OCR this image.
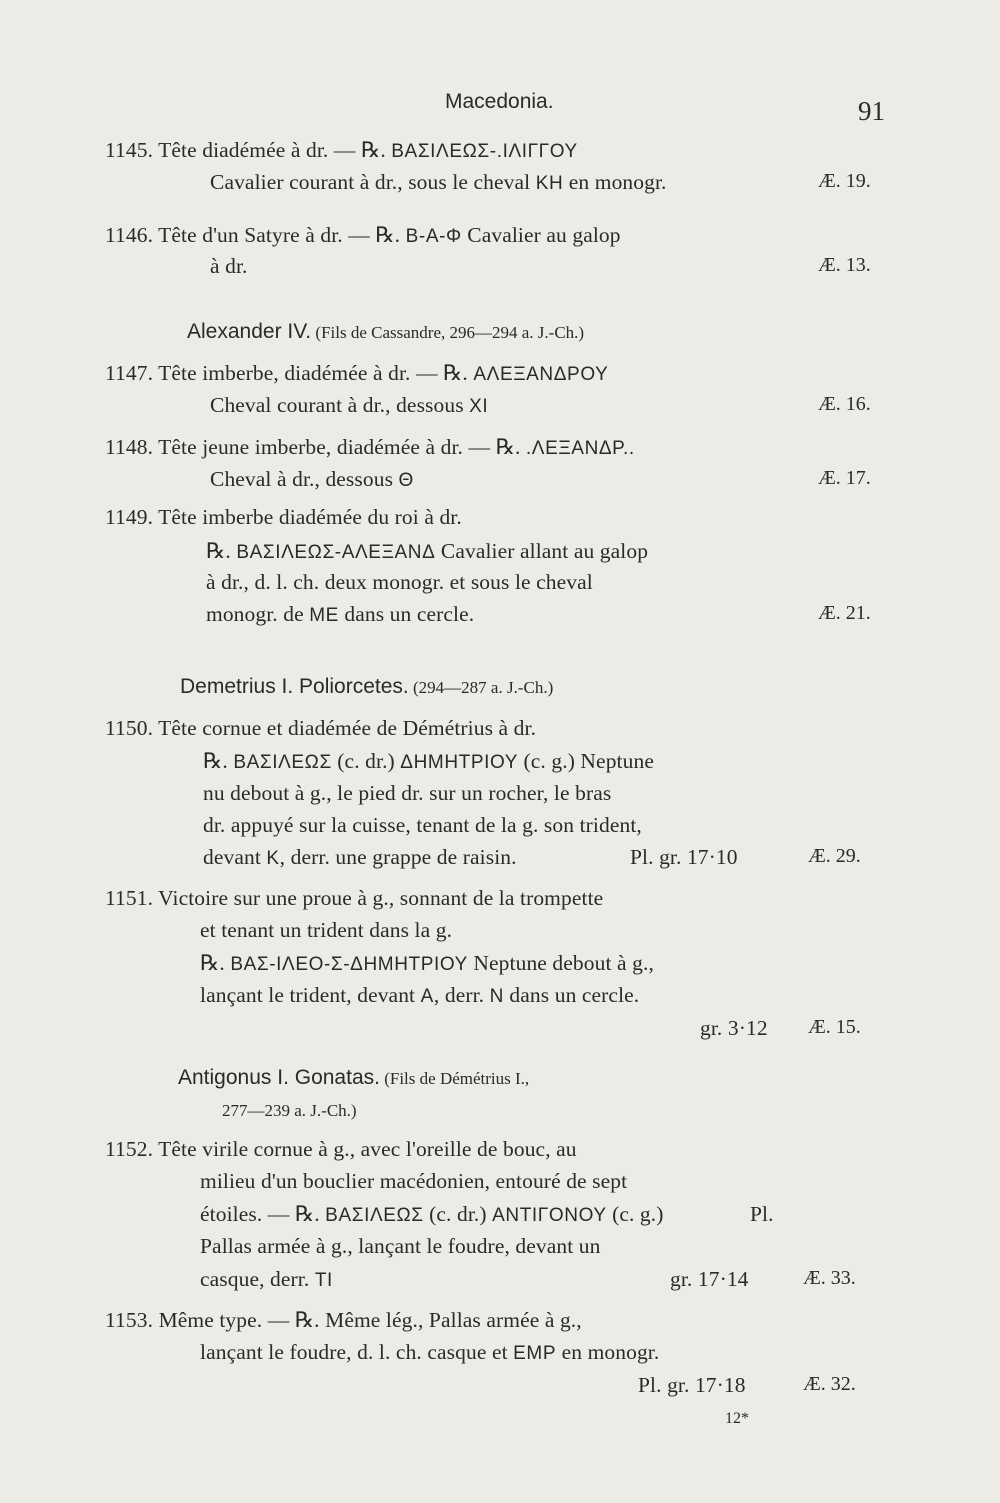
Macedonia.	91
1145. Tête diadémée à dr. — ℞. ΒΑΣΙΛΕΩΣ-.ΙΛΙΓΓΟΥ
Cavalier courant à dr., sous le cheval KH en monogr.
1146. Tête d'un Satyre à dr. — ℞. B-A-Φ Cavalier au galop
à dr.
1147. Tête imberbe, diadémée à dr. — ℞. ΑΛΕΞΑΝΔΡΟΥ
Cheval courant à dr., dessous XI
1148. Tête jeune imberbe, diadémée à dr. — ℞. .ΛΕΞΑΝΔΡ..
Cheval à dr., dessous Θ
1149. Tête imberbe diadémée du roi à dr.
℞. ΒΑΣΙΛΕΩΣ-ΑΛΕΞΑΝΔ Cavalier allant au galop
à dr., d. l. ch. deux monogr. et sous le cheval
monogr. de ME dans un cercle.
1150. Tête cornue et diadémée de Démétrius à dr.
℞. ΒΑΣΙΛΕΩΣ (c. dr.) ΔΗΜΗΤΡΙΟΥ (c. g.) Neptune
nu debout à g., le pied dr. sur un rocher, le bras
dr. appuyé sur la cuisse, tenant de la g. son trident,
devant K, derr. une grappe de raisin.
1151. Victoire sur une proue à g., sonnant de la trompette
et tenant un trident dans la g.
℞. ΒΑΣ-ΙΛΕΟ-Σ-ΔΗΜΗΤΡΙΟΥ Neptune debout à g.,
lançant le trident, devant A, derr. N dans un cercle.
1152. Tête virile cornue à g., avec l'oreille de bouc, au
milieu d'un bouclier macédonien, entouré de sept
étoiles. — ℞. ΒΑΣΙΛΕΩΣ (c. dr.) ΑΝΤΙΓΟΝΟΥ (c. g.)
Pallas armée à g., lançant le foudre, devant un
casque, derr. TI
1153. Même type. — ℞. Même lég., Pallas armée à g.,
lançant le foudre, d. l. ch. casque et EMP en monogr.
Pl.
Pl. gr. 17·10
gr. 3·12
gr. 17·14
Pl. gr. 17·18
Æ. 19.
Æ. 13.
Æ. 16.
Æ. 17.
Æ. 21.
Æ. 29.
Æ. 15.
Æ. 33.
Æ. 32.
Alexander IV. (Fils de Cassandre, 296—294 a. J.-Ch.)
Demetrius I. Poliorcetes. (294—287 a. J.-Ch.)
Antigonus I. Gonatas. (Fils de Démétrius I.,
277—239 a. J.-Ch.)
12*
